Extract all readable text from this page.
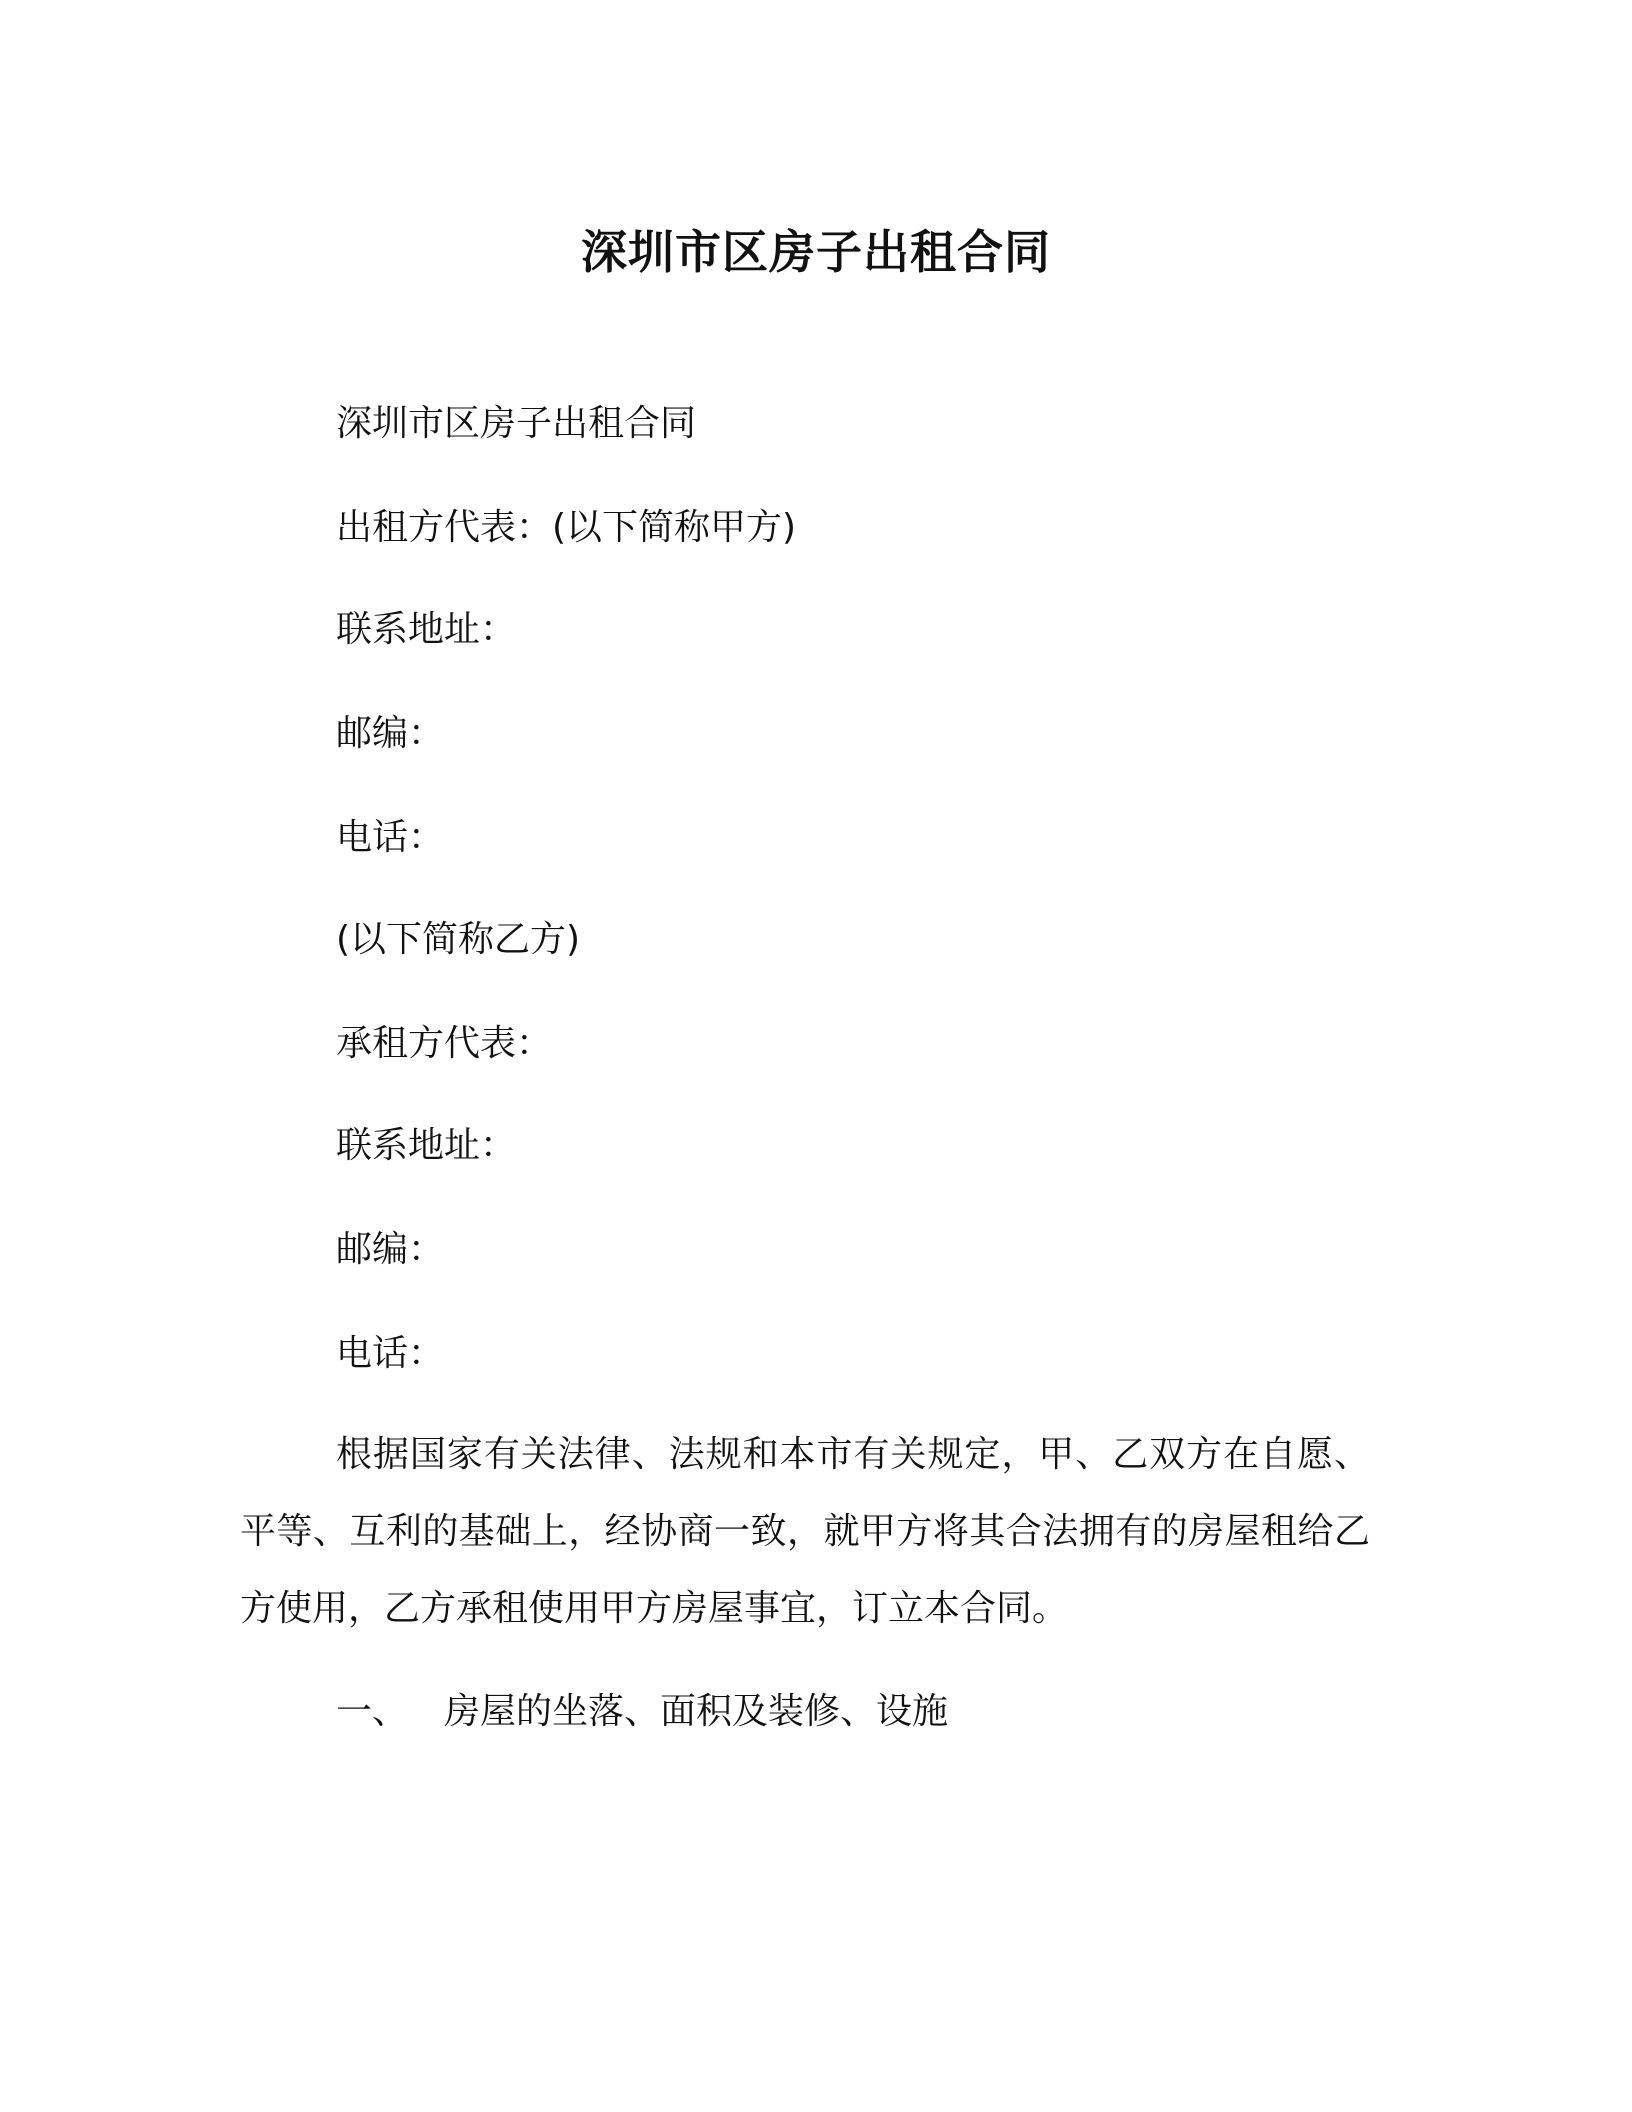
深圳市区房子出租合同
深圳市区房子出租合同
出租方代表：(以下简称甲方)
联系地址：
邮编：
电话：
(以下简称乙方)
承租方代表：
联系地址：
邮编：
电话：
根据国家有关法律、法规和本市有关规定，甲、乙双方在自愿、平等、互利的基础上，经协商一致，就甲方将其合法拥有的房屋租给乙方使用，乙方承租使用甲方房屋事宜，订立本合同。
一、 房屋的坐落、面积及装修、设施
